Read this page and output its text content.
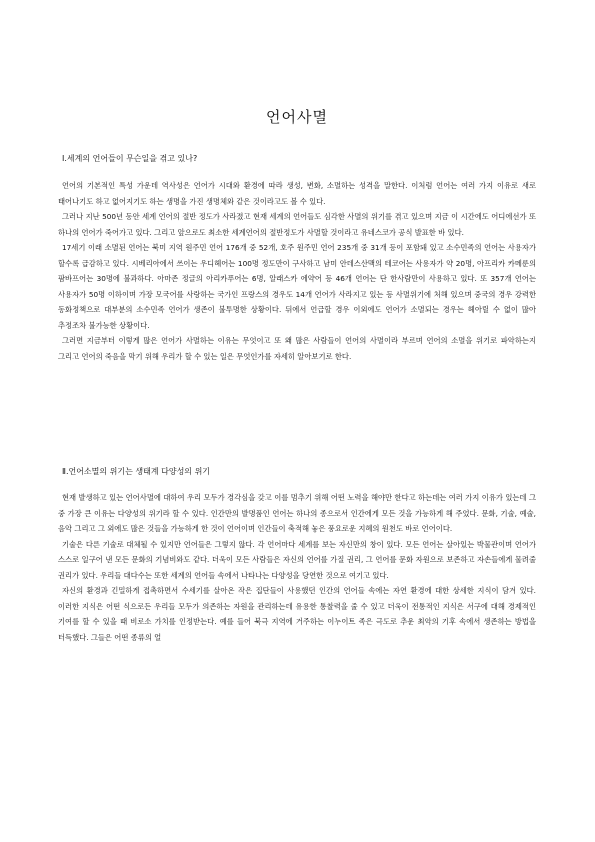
언어사멸
Ⅰ.세계의 언어들이 무슨일을 겪고 있나?

언어의 기본적인 특성 가운데 역사성은 언어가 시대와 환경에 따라 생성, 변화, 소멸하는 성격을 말한다. 이처럼 언어는 여러 가지 이유로 새로 태어나기도 하고 없어지기도 하는 생명을 가진 생명체와 같은 것이라고도 볼 수 있다.

그러나 지난 500년 동안 세계 언어의 절반 정도가 사라졌고 현재 세계의 언어들도 심각한 사멸의 위기를 겪고 있으며 지금 이 시간에도 어디에선가 또 하나의 언어가 죽어가고 있다. 그리고 앞으로도 최소한 세계언어의 절반정도가 사멸할 것이라고 유네스코가 공식 발표한 바 있다.

17세기 이래 소멸된 언어는 북미 지역 원주민 언어 176개 중 52개, 호주 원주민 언어 235개 중 31개 등이 포함돼 있고 소수민족의 언어는 사용자가 할수록 급감하고 있다. 시베리아에서 쓰이는 우디헤어는 100명 정도만이 구사하고 남미 안데스산맥의 테코어는 사용자가 약 20명, 아프리카 카메룬의 팜바프어는 30명에 불과하다. 아마존 정글의 아리카푸어는 6명, 알래스카 에약어 등 46개 언어는 단 한사람만이 사용하고 있다. 또 357개 언어는 사용자가 50명 이하이며 가장 모국어를 사랑하는 국가인 프랑스의 경우도 14개 언어가 사라지고 있는 등 사멸위기에 처해 있으며 중국의 경우 강력한 동화정책으로 대부분의 소수민족 언어가 생존이 불투명한 상황이다. 뒤에서 언급할 경우 이외에도 언어가 소멸되는 경우는 헤아릴 수 없이 많아 추정조차 불가능한 상황이다.

그러면 지금부터 이렇게 많은 언어가 사멸하는 이유는 무엇이고 또 왜 많은 사람들이 언어의 사멸이라 부르며 언어의 소멸을 위기로 파악하는지 그리고 언어의 죽음을 막기 위해 우리가 할 수 있는 일은 무엇인가를 자세히 알아보기로 한다.

Ⅱ.언어소멸의 위기는 생태계 다양성의 위기

현재 발생하고 있는 언어사멸에 대하여 우리 모두가 경각심을 갖고 이를 멈추기 위해 어떤 노력을 해야만 한다고 하는데는 여러 가지 이유가 있는데 그 중 가장 큰 이유는 다양성의 위기라 할 수 있다. 인간만의 발명품인 언어는 하나의 종으로서 인간에게 모든 것을 가능하게 해 주었다. 문화, 기술, 예술, 음악 그리고 그 외에도 많은 것들을 가능하게 한 것이 언어이며 인간들이 축적해 놓은 풍요로운 지혜의 원천도 바로 언어이다.

기술은 다른 기술로 대체될 수 있지만 언어들은 그렇지 않다. 각 언어마다 세계를 보는 자신만의 창이 있다. 모든 언어는 살아있는 박물관이며 언어가 스스로 일구어 낸 모든 문화의 기념비와도 같다. 더욱이 모든 사람들은 자신의 언어를 가질 권리, 그 언어를 문화 자원으로 보존하고 자손들에게 물려줄 권리가 있다. 우리들 대다수는 또한 세계의 언어들 속에서 나타나는 다양성을 당연한 것으로 여기고 있다.

자신의 환경과 긴밀하게 접촉하면서 수세기를 살아온 작은 집단들이 사용했던 인간의 언어들 속에는 자연 환경에 대한 상세한 지식이 담겨 있다. 이러한 지식은 어떤 식으로든 우리들 모두가 의존하는 자원을 관리하는데 유용한 통찰력을 줄 수 있고 더욱이 전통적인 지식은 서구에 대해 경제적인 기여를 할 수 있을 때 비로소 가치를 인정받는다. 예를 들어 북극 지역에 거주하는 이누이트 족은 극도로 추운 최악의 기후 속에서 생존하는 방법을 터득했다. 그들은 어떤 종류의 얼
